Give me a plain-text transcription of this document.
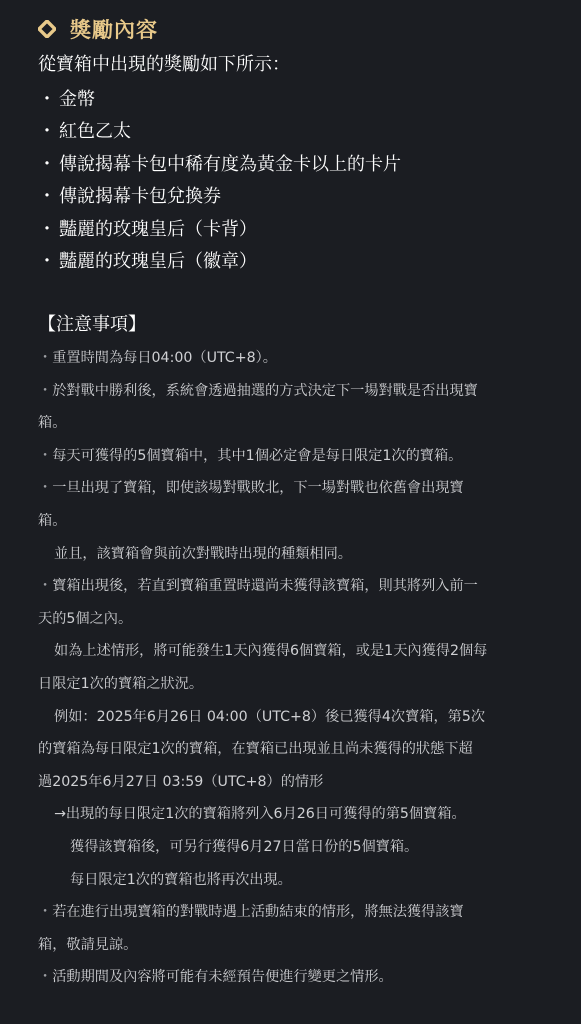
獎勵內容
從寶箱中出現的獎勵如下所示：
・ 金幣
・ 紅色乙太
・ 傳說揭幕卡包中稀有度為黃金卡以上的卡片
・ 傳說揭幕卡包兌換券
・ 豔麗的玫瑰皇后（卡背）
・ 豔麗的玫瑰皇后（徽章）
【注意事項】
・重置時間為每日04:00（UTC+8）。
・於對戰中勝利後，系統會透過抽選的方式決定下一場對戰是否出現寶
箱。
・每天可獲得的5個寶箱中，其中1個必定會是每日限定1次的寶箱。
・一旦出現了寶箱，即使該場對戰敗北，下一場對戰也依舊會出現寶
箱。
並且，該寶箱會與前次對戰時出現的種類相同。
・寶箱出現後，若直到寶箱重置時還尚未獲得該寶箱，則其將列入前一
天的5個之內。
如為上述情形，將可能發生1天內獲得6個寶箱，或是1天內獲得2個每
日限定1次的寶箱之狀況。
例如：2025年6月26日 04:00（UTC+8）後已獲得4次寶箱，第5次
的寶箱為每日限定1次的寶箱，在寶箱已出現並且尚未獲得的狀態下超
過2025年6月27日 03:59（UTC+8）的情形
→出現的每日限定1次的寶箱將列入6月26日可獲得的第5個寶箱。
獲得該寶箱後，可另行獲得6月27日當日份的5個寶箱。
每日限定1次的寶箱也將再次出現。
・若在進行出現寶箱的對戰時遇上活動結束的情形，將無法獲得該寶
箱，敬請見諒。
・活動期間及內容將可能有未經預告便進行變更之情形。
